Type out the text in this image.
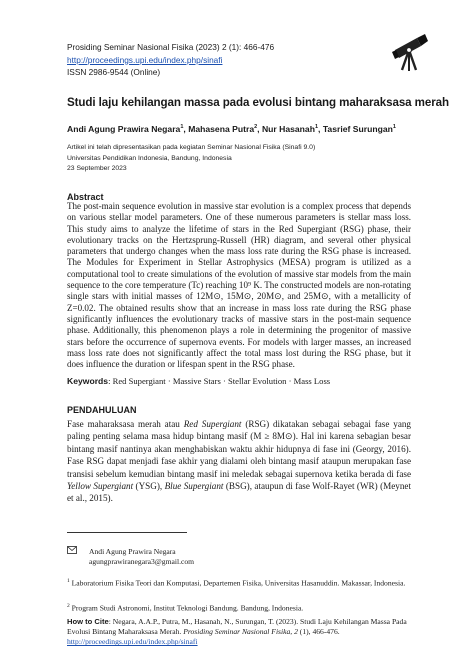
Prosiding Seminar Nasional Fisika (2023) 2 (1): 466-476
http://proceedings.upi.edu/index.php/sinafi
ISSN 2986-9544 (Online)
Studi laju kehilangan massa pada evolusi bintang maharaksasa merah
Andi Agung Prawira Negara$^1$, Mahasena Putra$^2$, Nur Hasanah$^1$, Tasrief Surungan$^1$
Artikel ini telah dipresentasikan pada kegiatan Seminar Nasional Fisika (Sinafi 9.0)
Universitas Pendidikan Indonesia, Bandung, Indonesia
23 September 2023
Abstract
The post-main sequence evolution in massive star evolution is a complex process that depends on various stellar model parameters. One of these numerous parameters is stellar mass loss. This study aims to analyze the lifetime of stars in the Red Supergiant (RSG) phase, their evolutionary tracks on the Hertzsprung-Russell (HR) diagram, and several other physical parameters that undergo changes when the mass loss rate during the RSG phase is increased. The Modules for Experiment in Stellar Astrophysics (MESA) program is utilized as a computational tool to create simulations of the evolution of massive star models from the main sequence to the core temperature (Tc) reaching 10⁹ K. The constructed models are non-rotating single stars with initial masses of 12M⊙, 15M⊙, 20M⊙, and 25M⊙, with a metallicity of Z=0.02. The obtained results show that an increase in mass loss rate during the RSG phase significantly influences the evolutionary tracks of massive stars in the post-main sequence phase. Additionally, this phenomenon plays a role in determining the progenitor of massive stars before the occurrence of supernova events. For models with larger masses, an increased mass loss rate does not significantly affect the total mass lost during the RSG phase, but it does influence the duration or lifespan spent in the RSG phase.
Keywords: Red Supergiant · Massive Stars · Stellar Evolution · Mass Loss
PENDAHULUAN
Fase maharaksasa merah atau Red Supergiant (RSG) dikatakan sebagai sebagai fase yang paling penting selama masa hidup bintang masif (M ≥ 8M⊙). Hal ini karena sebagian besar bintang masif nantinya akan menghabiskan waktu akhir hidupnya di fase ini (Georgy, 2016). Fase RSG dapat menjadi fase akhir yang dialami oleh bintang masif ataupun merupakan fase transisi sebelum kemudian bintang masif ini meledak sebagai supernova ketika berada di fase Yellow Supergiant (YSG), Blue Supergiant (BSG), ataupun di fase Wolf-Rayet (WR) (Meynet et al., 2015).
Andi Agung Prawira Negara
agungprawiranegara3@gmail.com
$^1$ Laboratorium Fisika Teori dan Komputasi, Departemen Fisika, Universitas Hasanuddin. Makassar, Indonesia.
$^2$ Program Studi Astronomi, Institut Teknologi Bandung. Bandung, Indonesia.
How to Cite: Negara, A.A.P., Putra, M., Hasanah, N., Surungan, T. (2023). Studi Laju Kehilangan Massa Pada Evolusi Bintang Maharaksasa Merah. Prosiding Seminar Nasional Fisika, 2 (1), 466-476.
http://proceedings.upi.edu/index.php/sinafi
